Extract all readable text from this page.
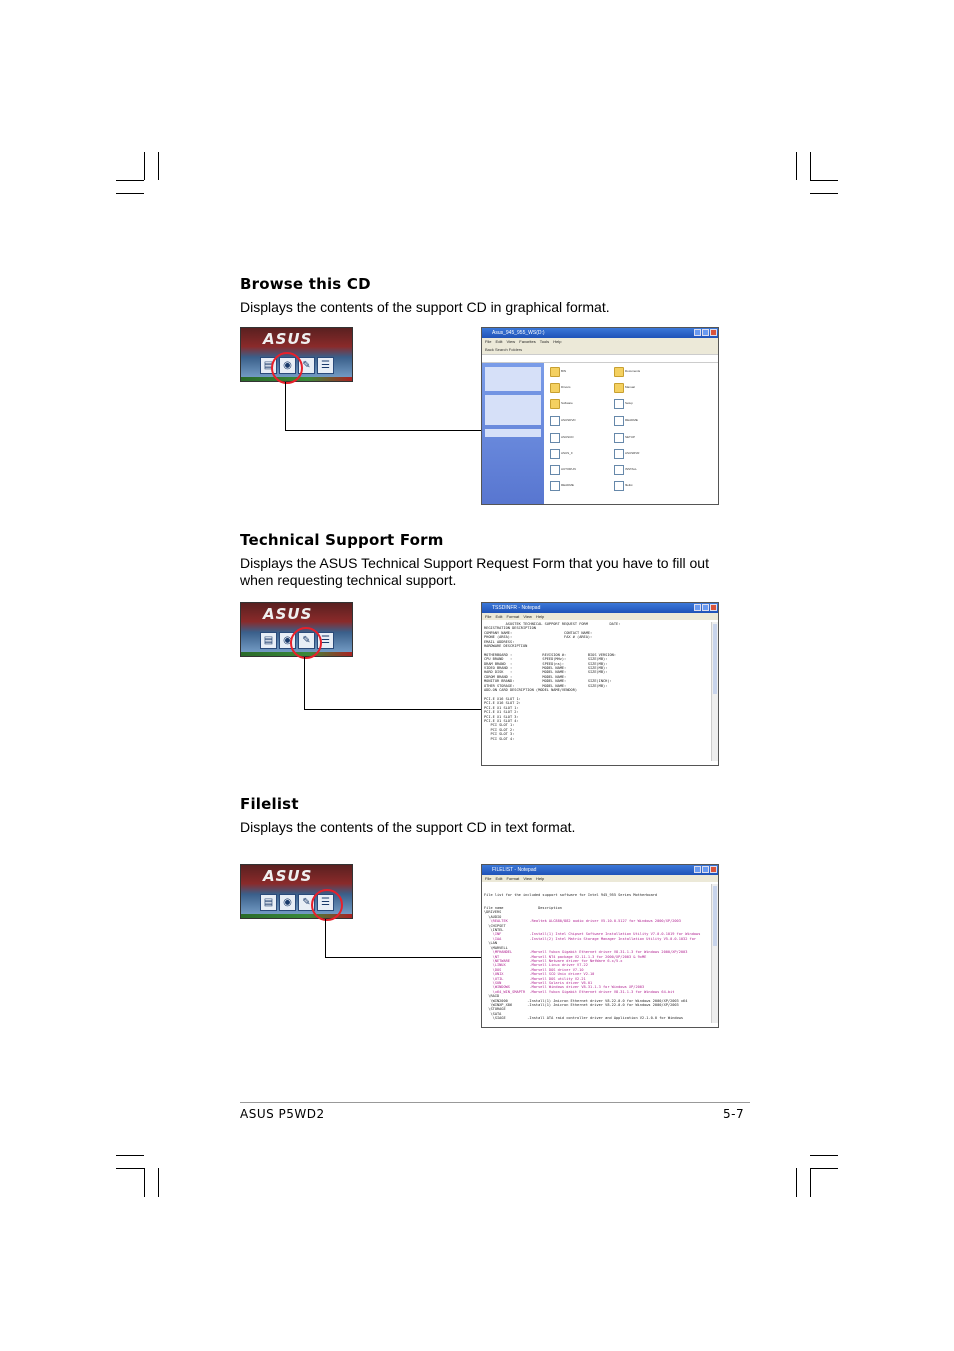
Browse this CD

Displays the contents of the support CD in graphical format.

ASUS
▤ ◉	✎	☰
Asus_945_955_WS(D:)
File Edit View Favorites Tools Help
Back Search Folders
BIN
Drivers
Software
ASUSDVD
ASUSCD
ASUS_II
AUTORUN
README
Documents
Manual
Setup
README
SETUP
ASUSRVR
INSTALL
filelist
Technical Support Form

Displays the ASUS Technical Support Request Form that you have to fill out when requesting technical support.

ASUS
▤ ◉	✎	☰
TSSDINFR - Notepad
File Edit Format View Help
ASUSTEK TECHNICAL SUPPORT REQUEST FORM          DATE:
REGISTRATION DESCRIPTION
COMPANY NAME:                        CONTACT NAME:
PHONE (AREA):                        FAX # (AREA):
EMAIL ADDRESS:
HARDWARE DESCRIPTION

MOTHERBOARD :              REVISION #:          BIOS VERSION:
CPU BRAND   :              SPEED(MHz):          SIZE(MB):
DRAM BRAND  :              SPEED(ns):           SIZE(MB):
VIDEO BRAND :              MODEL NAME:          SIZE(MB):
HARD DISK   :              MODEL NAME:          SIZE(MB):
CDROM BRAND :              MODEL NAME:
MONITOR BRAND:             MODEL NAME:          SIZE(INCH):
OTHER STORAGE:             MODEL NAME:          SIZE(MB):
ADD-ON CARD DESCRIPTION (MODEL NAME/VENDOR)

PCI-E X16 SLOT 1:
PCI-E X16 SLOT 2:
PCI-E X1 SLOT 1:
PCI-E X1 SLOT 2:
PCI-E X1 SLOT 3:
PCI-E X1 SLOT 4:
PCI SLOT 1:
PCI SLOT 2:
PCI SLOT 3:
PCI SLOT 4:
Filelist

Displays the contents of the support CD in text format.

ASUS
▤ ◉	✎	☰
FILELIST - Notepad
File Edit Format View Help

File list for the included support software for Intel 945_955 Series Motherboard

File name                Description
\DRIVERS
\AUDIO
\REALTEK          -Realtek ALC880/882 audio driver V5.10.0.5127 for Windows 2000/XP/2003
\CHIPSET
\INTEL
\INF             -Install(1) Intel Chipset Software Installation Utility V7.0.0.1019 for Windows
\IAA             -Install(2) Intel Matrix Storage Manager Installation Utility V5.0.0.1032 for
\LAN
\MARVELL
\MFHANDEL        -Marvell Yukon Gigabit Ethernet driver V8.31.1.3 for Windows 2000/XP/2003
\NT              -Marvell NT4 package V2.11.1.3 for 2000/XP/2003 & 9xME
\NETWARE         -Marvell Netware driver for NetWare 6.x/5.x
\LINUX           -Marvell Linux driver V7.22
\DOS             -Marvell DOS driver V7.10
\UNIX            -Marvell SCO Unix driver V2.10
\UTIL            -Marvell DOS utility V2.21
\SUN             -Marvell Solaris driver V6.01
\WINDOWS         -Marvell Windows driver V8.31.1.3 for Windows XP/2003
\x64_WIN_SMAPTR  -Marvell Yukon Gigabit Ethernet driver V8.31.1.3 for Windows 64-bit
\RAID
\WIN2000         -Install(1) Jmicron Ethernet driver V8.22.0.0 for Windows 2000/XP/2003 x64
\WINXP_X86       -Install(1) Jmicron Ethernet driver V8.22.0.0 for Windows 2000/XP/2003
\STORAGE
\SATA
\SIAGE          -Install ATA raid controller driver and Application V2.1.0.0 for Windows

ASUS P5WD2	5-7
